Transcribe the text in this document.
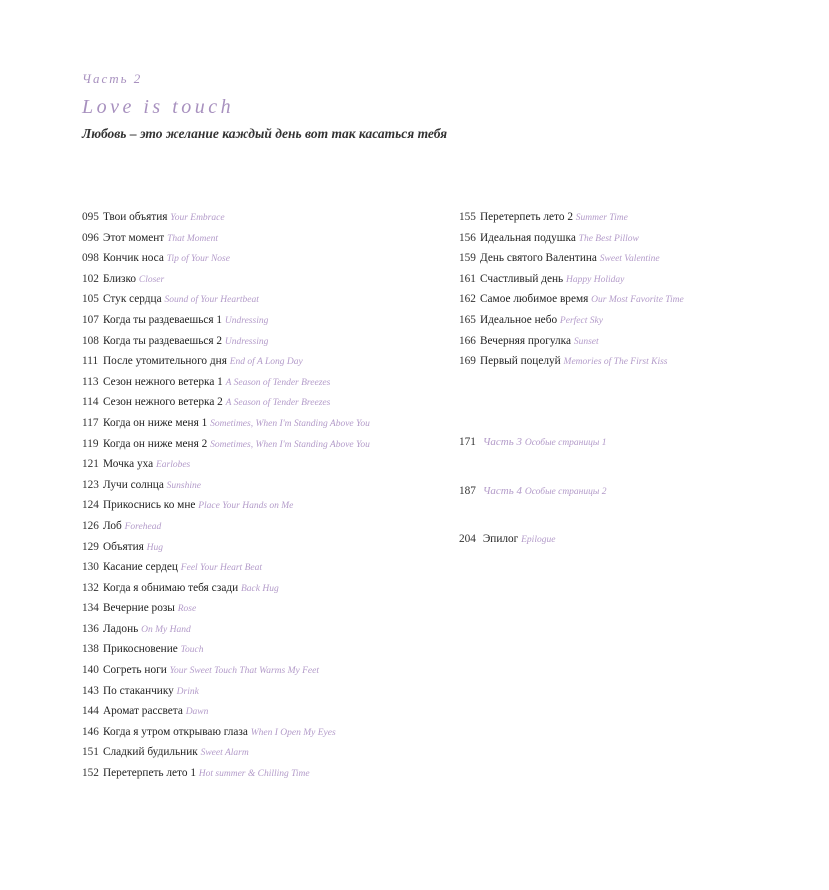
Часть 2
Love is touch
Любовь – это желание каждый день вот так касаться тебя
095 Твои объятия Your Embrace
096 Этот момент That Moment
098 Кончик носа Tip of Your Nose
102 Близко Closer
105 Стук сердца Sound of Your Heartbeat
107 Когда ты раздеваешься 1 Undressing
108 Когда ты раздеваешься 2 Undressing
111 После утомительного дня End of A Long Day
113 Сезон нежного ветерка 1 A Season of Tender Breezes
114 Сезон нежного ветерка 2 A Season of Tender Breezes
117 Когда он ниже меня 1 Sometimes, When I'm Standing Above You
119 Когда он ниже меня 2 Sometimes, When I'm Standing Above You
121 Мочка уха Earlobes
123 Лучи солнца Sunshine
124 Прикоснись ко мне Place Your Hands on Me
126 Лоб Forehead
129 Объятия Hug
130 Касание сердец Feel Your Heart Beat
132 Когда я обнимаю тебя сзади Back Hug
134 Вечерние розы Rose
136 Ладонь On My Hand
138 Прикосновение Touch
140 Согреть ноги Your Sweet Touch That Warms My Feet
143 По стаканчику Drink
144 Аромат рассвета Dawn
146 Когда я утром открываю глаза When I Open My Eyes
151 Сладкий будильник Sweet Alarm
152 Перетерпеть лето 1 Hot summer & Chilling Time
155 Перетерпеть лето 2 Summer Time
156 Идеальная подушка The Best Pillow
159 День святого Валентина Sweet Valentine
161 Счастливый день Happy Holiday
162 Самое любимое время Our Most Favorite Time
165 Идеальное небо Perfect Sky
166 Вечерняя прогулка Sunset
169 Первый поцелуй Memories of The First Kiss
171 Часть 3 Особые страницы 1
187 Часть 4 Особые страницы 2
204 Эпилог Epilogue
